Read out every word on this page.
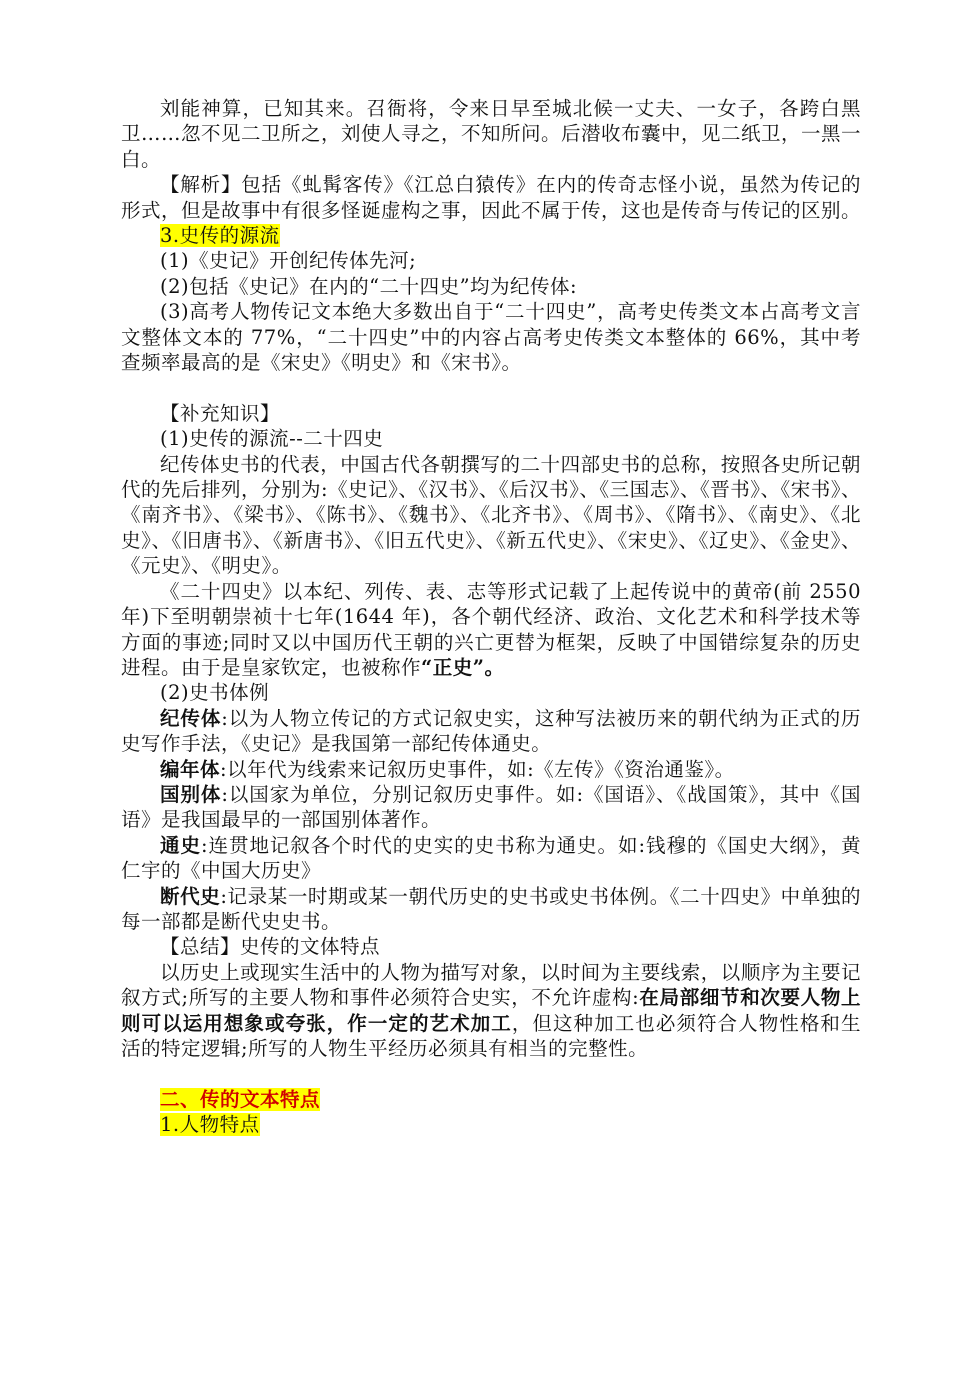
刘能神算，已知其来。召衙将，令来日早至城北候一丈夫、一女子，各跨白黑卫……忽不见二卫所之，刘使人寻之，不知所问。后潜收布囊中，见二纸卫，一黑一白。

【解析】包括《虬髯客传》《江总白猿传》在内的传奇志怪小说，虽然为传记的形式，但是故事中有很多怪诞虚构之事，因此不属于传，这也是传奇与传记的区别。

3.史传的源流

(1)《史记》开创纪传体先河;

(2)包括《史记》在内的“二十四史”均为纪传体:

(3)高考人物传记文本绝大多数出自于“二十四史”，高考史传类文本占高考文言文整体文本的 77%，“二十四史”中的内容占高考史传类文本整体的 66%，其中考查频率最高的是《宋史》《明史》和《宋书》。

【补充知识】

(1)史传的源流--二十四史

纪传体史书的代表，中国古代各朝撰写的二十四部史书的总称，按照各史所记朝代的先后排列，分别为:《史记》、《汉书》、《后汉书》、《三国志》、《晋书》、《宋书》、《南齐书》、《梁书》、《陈书》、《魏书》、《北齐书》、《周书》、《隋书》、《南史》、《北史》、《旧唐书》、《新唐书》、《旧五代史》、《新五代史》、《宋史》、《辽史》、《金史》、《元史》、《明史》。

《二十四史》以本纪、列传、表、志等形式记载了上起传说中的黄帝(前 2550 年)下至明朝崇祯十七年(1644 年)，各个朝代经济、政治、文化艺术和科学技术等方面的事迹;同时又以中国历代王朝的兴亡更替为框架，反映了中国错综复杂的历史进程。由于是皇家钦定，也被称作“正史”。

(2)史书体例

纪传体:以为人物立传记的方式记叙史实，这种写法被历来的朝代纳为正式的历史写作手法，《史记》是我国第一部纪传体通史。

编年体:以年代为线索来记叙历史事件，如:《左传》《资治通鉴》。

国别体:以国家为单位，分别记叙历史事件。如:《国语》、《战国策》，其中《国语》是我国最早的一部国别体著作。

通史:连贯地记叙各个时代的史实的史书称为通史。如:钱穆的《国史大纲》，黄仁宇的《中国大历史》

断代史:记录某一时期或某一朝代历史的史书或史书体例。《二十四史》中单独的每一部都是断代史史书。

【总结】史传的文体特点

以历史上或现实生活中的人物为描写对象，以时间为主要线索，以顺序为主要记叙方式;所写的主要人物和事件必须符合史实，不允许虚构:在局部细节和次要人物上则可以运用想象或夸张，作一定的艺术加工，但这种加工也必须符合人物性格和生活的特定逻辑;所写的人物生平经历必须具有相当的完整性。

二、传的文本特点

1.人物特点
